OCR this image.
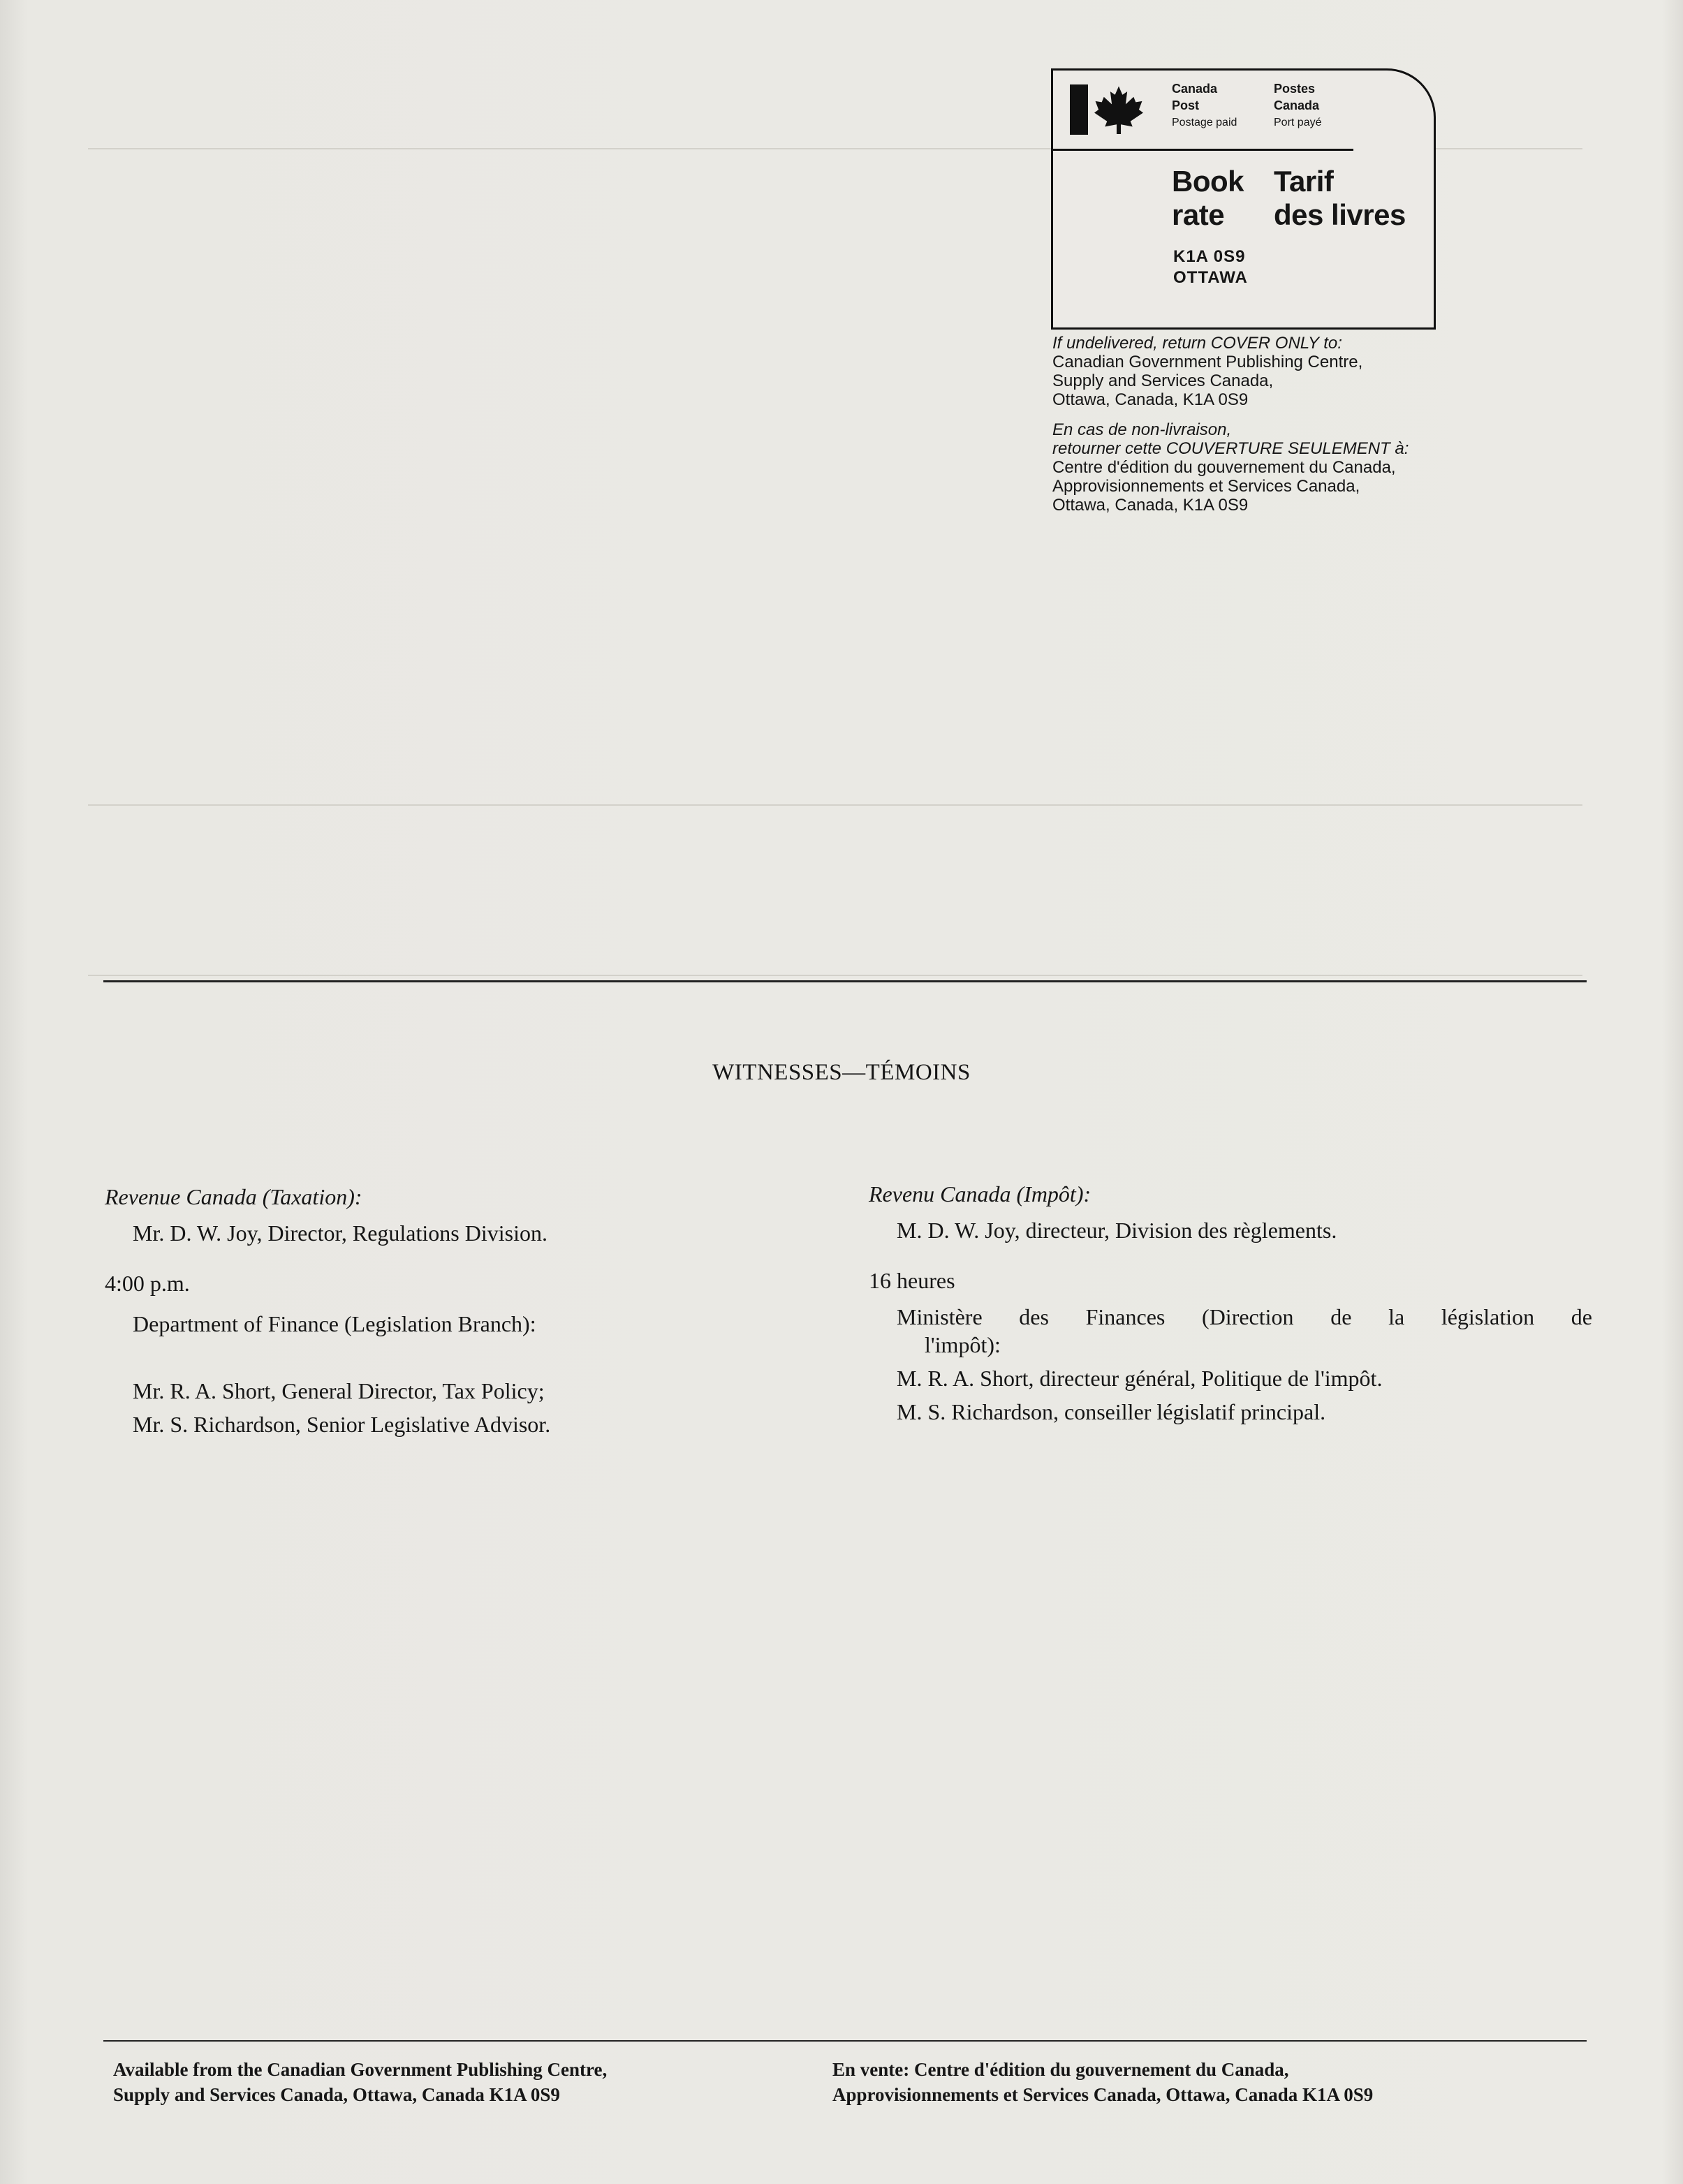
Canada
Post
Postage paid
Postes
Canada
Port payé
Book
rate
Tarif
des livres
K1A 0S9
OTTAWA
If undelivered, return COVER ONLY to:
Canadian Government Publishing Centre,
Supply and Services Canada,
Ottawa, Canada, K1A 0S9
En cas de non-livraison,
retourner cette COUVERTURE SEULEMENT à:
Centre d'édition du gouvernement du Canada,
Approvisionnements et Services Canada,
Ottawa, Canada, K1A 0S9
WITNESSES—TÉMOINS
Revenue Canada (Taxation):
Mr. D. W. Joy, Director, Regulations Division.
4:00 p.m.
Department of Finance (Legislation Branch):
Mr. R. A. Short, General Director, Tax Policy;
Mr. S. Richardson, Senior Legislative Advisor.
Revenu Canada (Impôt):
M. D. W. Joy, directeur, Division des règlements.
16 heures
Ministère des Finances (Direction de la législation de
l'impôt):
M. R. A. Short, directeur général, Politique de l'impôt.
M. S. Richardson, conseiller législatif principal.
Available from the Canadian Government Publishing Centre,
Supply and Services Canada, Ottawa, Canada K1A 0S9
En vente: Centre d'édition du gouvernement du Canada,
Approvisionnements et Services Canada, Ottawa, Canada K1A 0S9
